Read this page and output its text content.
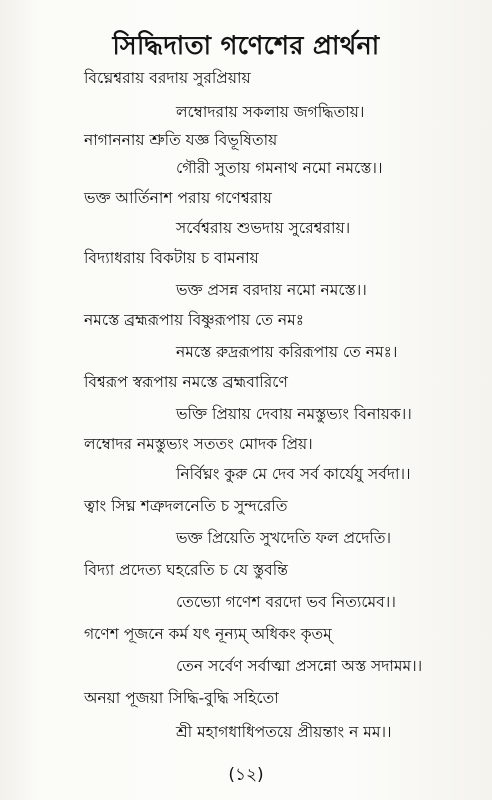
সিদ্ধিদাতা গণেশের প্রার্থনা
বিঘ্নেশ্বরায় বরদায় সুরপ্রিয়ায়
লম্বোদরায় সকলায় জগদ্ধিতায়।
নাগাননায় শ্রুতি যজ্ঞ বিভূষিতায়
গৌরী সুতায় গমনাথ নমো নমস্তে।।
ভক্ত আর্তিনাশ পরায় গণেশ্বরায়
সর্বেশ্বরায় শুভদায় সুরেশ্বরায়।
বিদ্যাধরায় বিকটায় চ বামনায়
ভক্ত প্রসন্ন বরদায় নমো নমস্তে।।
নমস্তে ব্রহ্মরূপায় বিষ্ণুরূপায় তে নমঃ
নমস্তে রুদ্ররূপায় করিরূপায় তে নমঃ।
বিশ্বরূপ স্বরূপায় নমস্তে ব্রহ্মবারিণে
ভক্তি প্রিয়ায় দেবায় নমস্তুভ্যং বিনায়ক।।
লম্বোদর নমস্তুভ্যং সততং মোদক প্রিয়।
নির্বিঘ্নং কুরু মে দেব সর্ব কার্যেযু সর্বদা।।
ত্বাং সিঘ্ন শত্রুদলনেতি চ সুন্দরেতি
ভক্ত প্রিয়েতি সুখদেতি ফল প্রদেতি।
বিদ্যা প্রদেত্য ঘহরেতি চ যে স্তুবন্তি
তেভ্যো গণেশ বরদো ভব নিত্যমেব।।
গণেশ পূজনে কর্ম যৎ নূন্যম্ অধিকং কৃতম্
তেন সর্বেণ সর্বাত্মা প্রসন্নো অস্ত সদামম।।
অনয়া পূজয়া সিদ্ধি-বুদ্ধি সহিতো
শ্রী মহাগধাধিপতয়ে প্রীয়ন্তাং ন মম।।
(১২)
